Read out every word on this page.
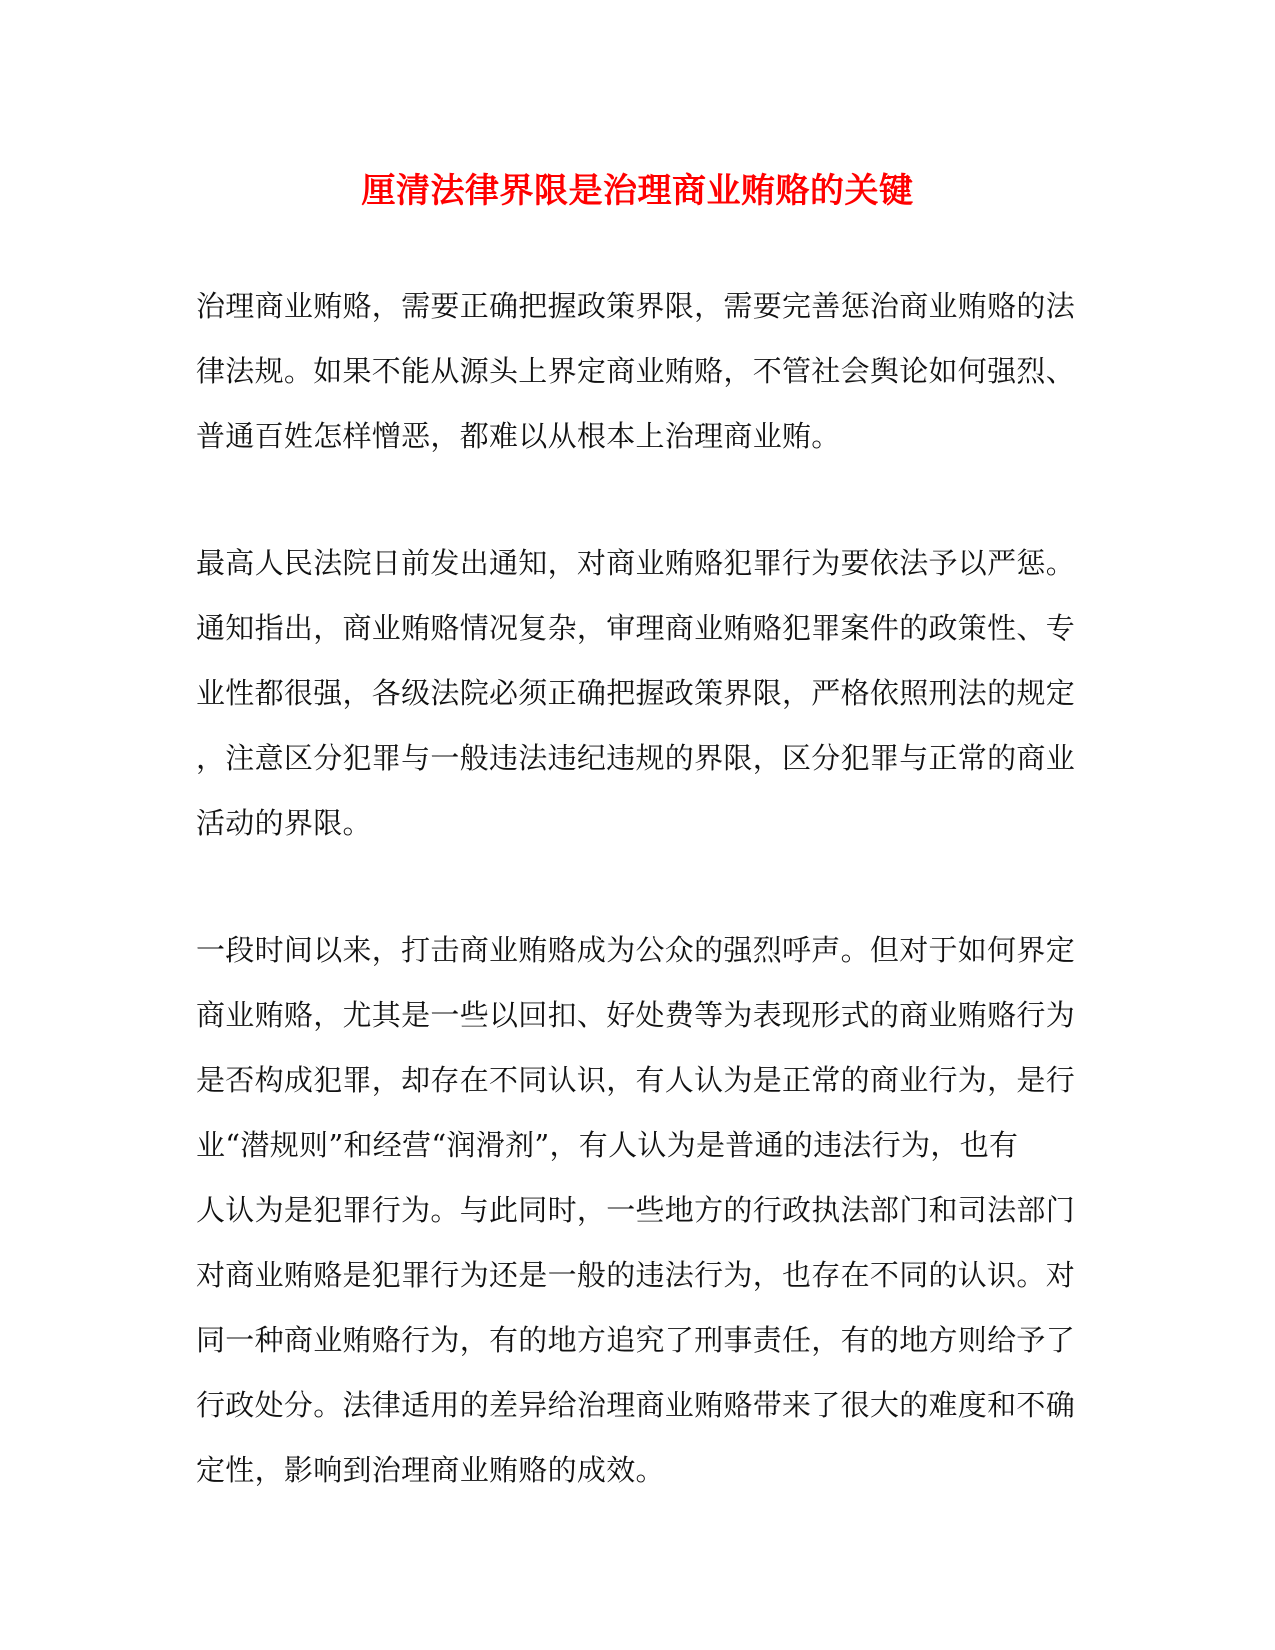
厘清法律界限是治理商业贿赂的关键

治理商业贿赂，需要正确把握政策界限，需要完善惩治商业贿赂的法
律法规。如果不能从源头上界定商业贿赂，不管社会舆论如何强烈、
普通百姓怎样憎恶，都难以从根本上治理商业贿。

最高人民法院日前发出通知，对商业贿赂犯罪行为要依法予以严惩。
通知指出，商业贿赂情况复杂，审理商业贿赂犯罪案件的政策性、专
业性都很强，各级法院必须正确把握政策界限，严格依照刑法的规定
，注意区分犯罪与一般违法违纪违规的界限，区分犯罪与正常的商业
活动的界限。

一段时间以来，打击商业贿赂成为公众的强烈呼声。但对于如何界定
商业贿赂，尤其是一些以回扣、好处费等为表现形式的商业贿赂行为
是否构成犯罪，却存在不同认识，有人认为是正常的商业行为，是行
业“潜规则”和经营“润滑剂”，有人认为是普通的违法行为，也有
人认为是犯罪行为。与此同时，一些地方的行政执法部门和司法部门
对商业贿赂是犯罪行为还是一般的违法行为，也存在不同的认识。对
同一种商业贿赂行为，有的地方追究了刑事责任，有的地方则给予了
行政处分。法律适用的差异给治理商业贿赂带来了很大的难度和不确
定性，影响到治理商业贿赂的成效。
